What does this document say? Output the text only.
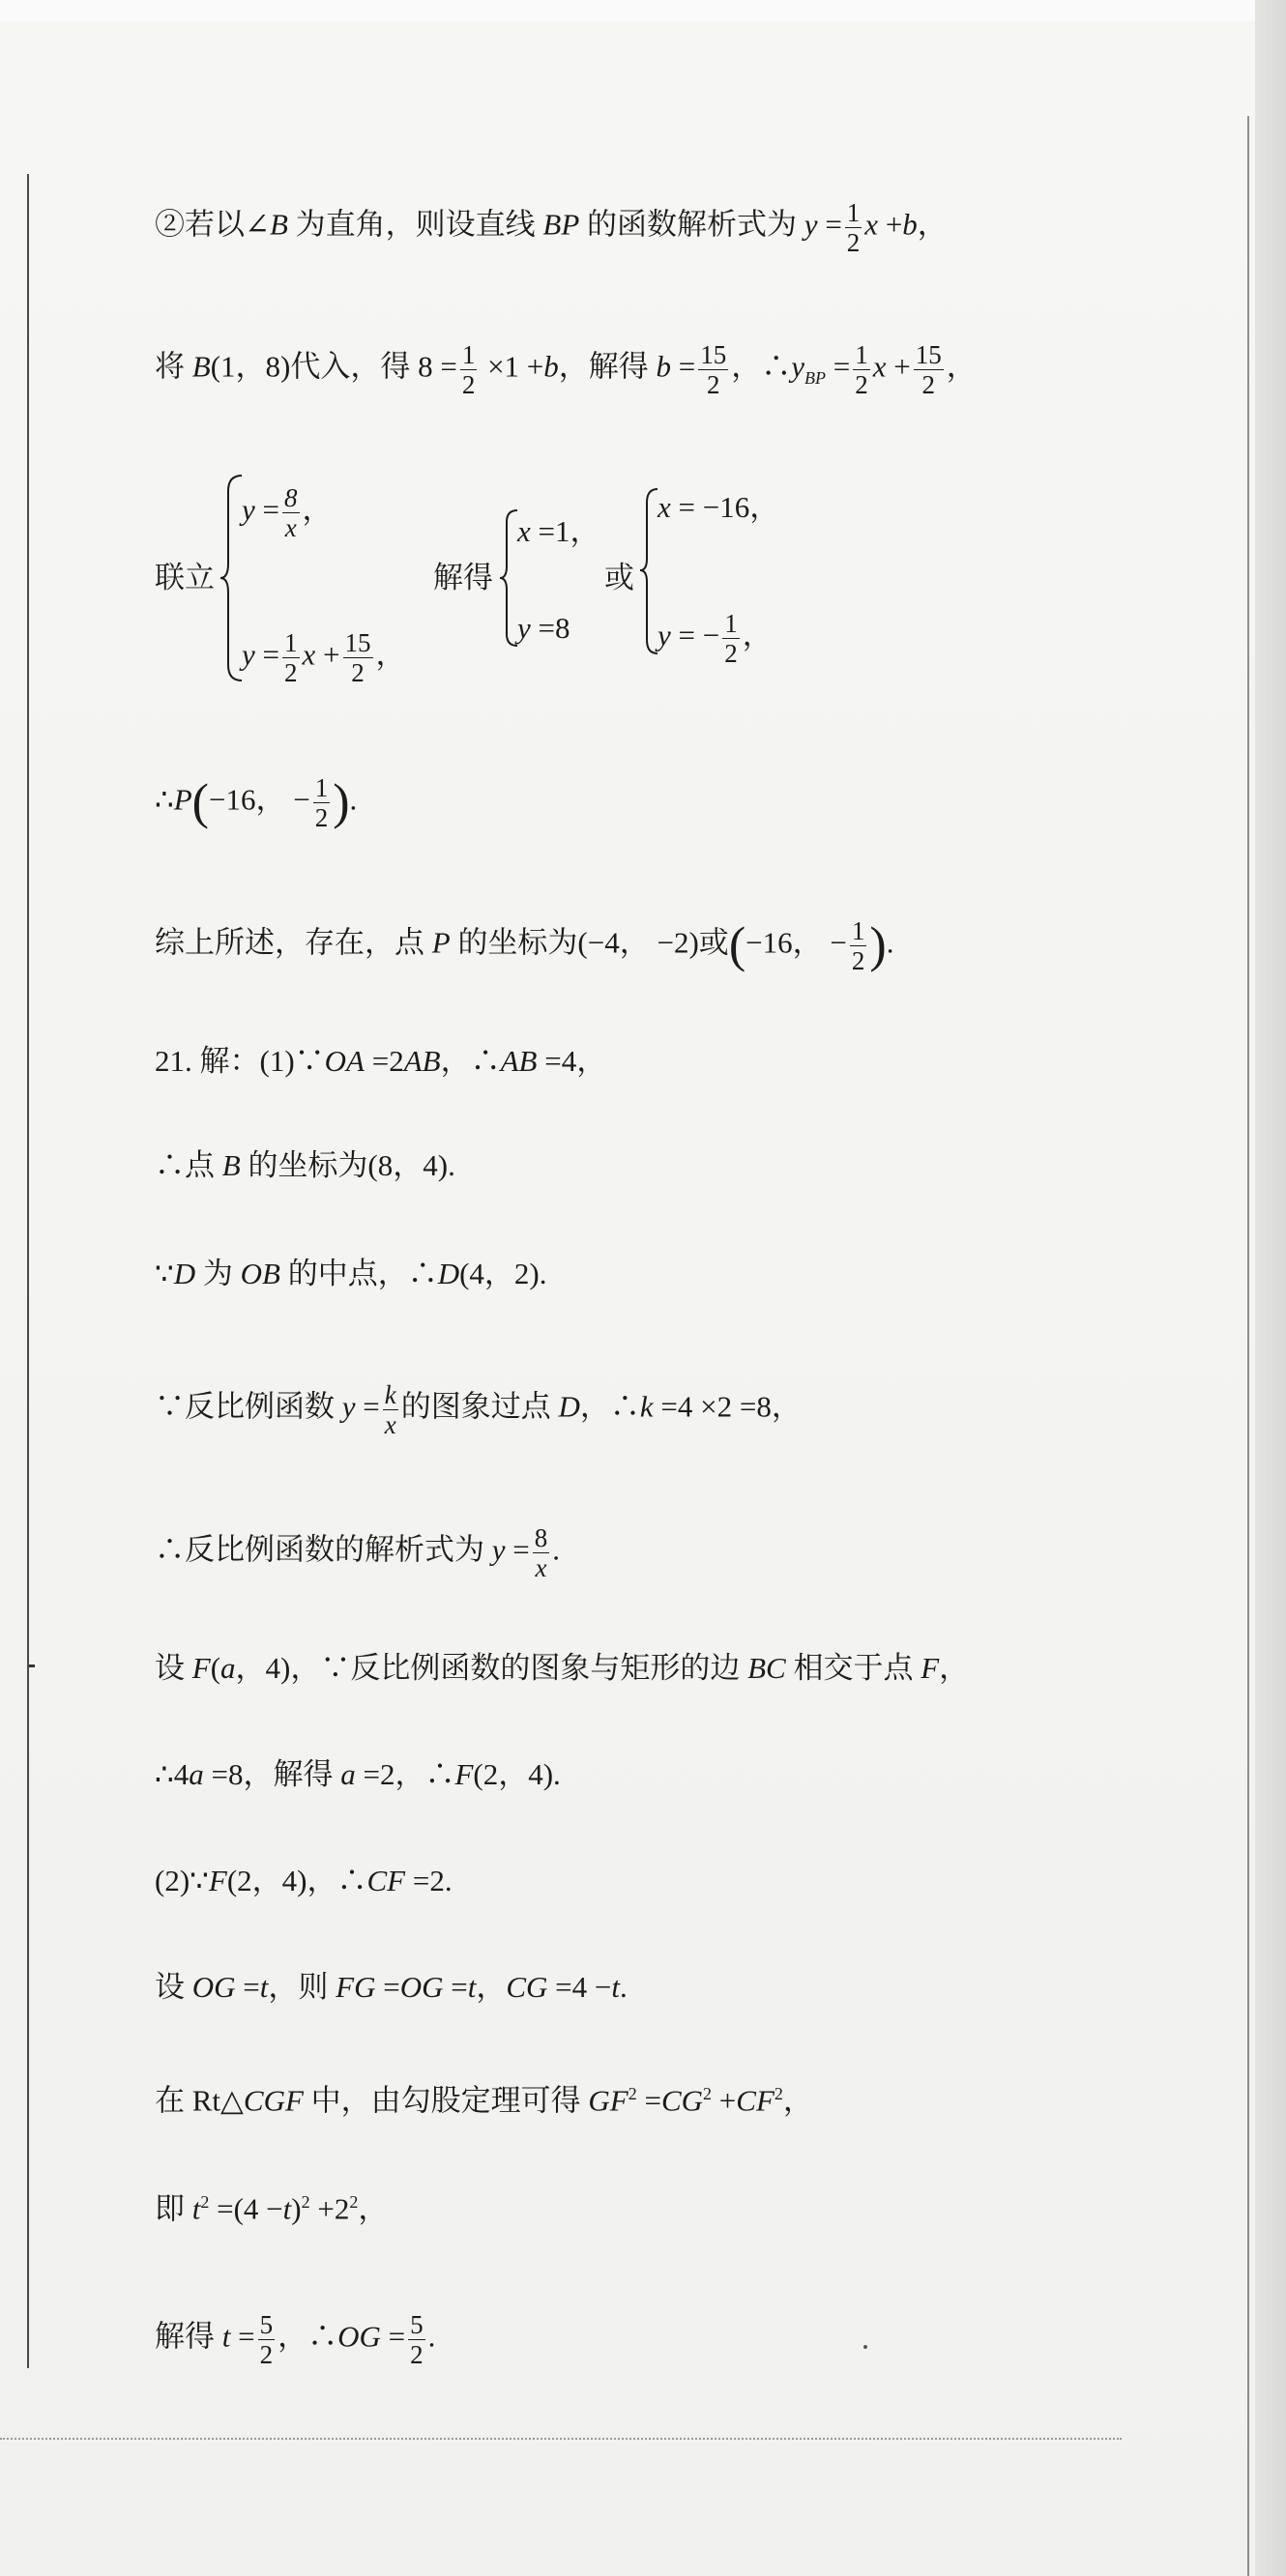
②若以∠B 为直角，则设直线 BP 的函数解析式为 $y = \frac{1}{2}$ x +b，
将 B(1，8)代入，得 $8 = \frac{1}{2} \times 1 +b$，解得 $b = \frac{15}{2}$ ，$\therefore y_{BP} = \frac{1}{2}$ $x + \frac{15}{2}$ ，
联立
$y = \frac{8}{x}$ ，
$y = \frac{1}{2}$ $x + \frac{15}{2}$ ，
解得
x =1，
y =8
或
x = −16，
y = − $\frac{1}{2}$ ，
∴P(−16， − $\frac{1}{2}$ ).
综上所述，存在，点 P 的坐标为(−4， −2)或(−16， − $\frac{1}{2}$ ).
21. 解：(1)∵OA =2AB，∴AB =4，
∴点 B 的坐标为(8，4).
∵D 为 OB 的中点，∴D(4，2).
∵反比例函数 $y = \frac{k}{x}$ 的图象过点 D，∴k =4 ×2 =8，
∴反比例函数的解析式为 $y = \frac{8}{x}$ .
设 F(a，4)，∵反比例函数的图象与矩形的边 BC 相交于点 F，
∴4a =8，解得 a =2，∴F(2，4).
(2)∵F(2，4)，∴CF =2.
设 OG =t，则 FG =OG =t，CG =4 −t.
在 Rt△CGF 中，由勾股定理可得 $GF^2 =CG^2 +CF^2$，
即 $t^2 =(4 -t)^2 +2^2$，
解得 $t = \frac{5}{2}$ ，∴OG = $\frac{5}{2}$ .
